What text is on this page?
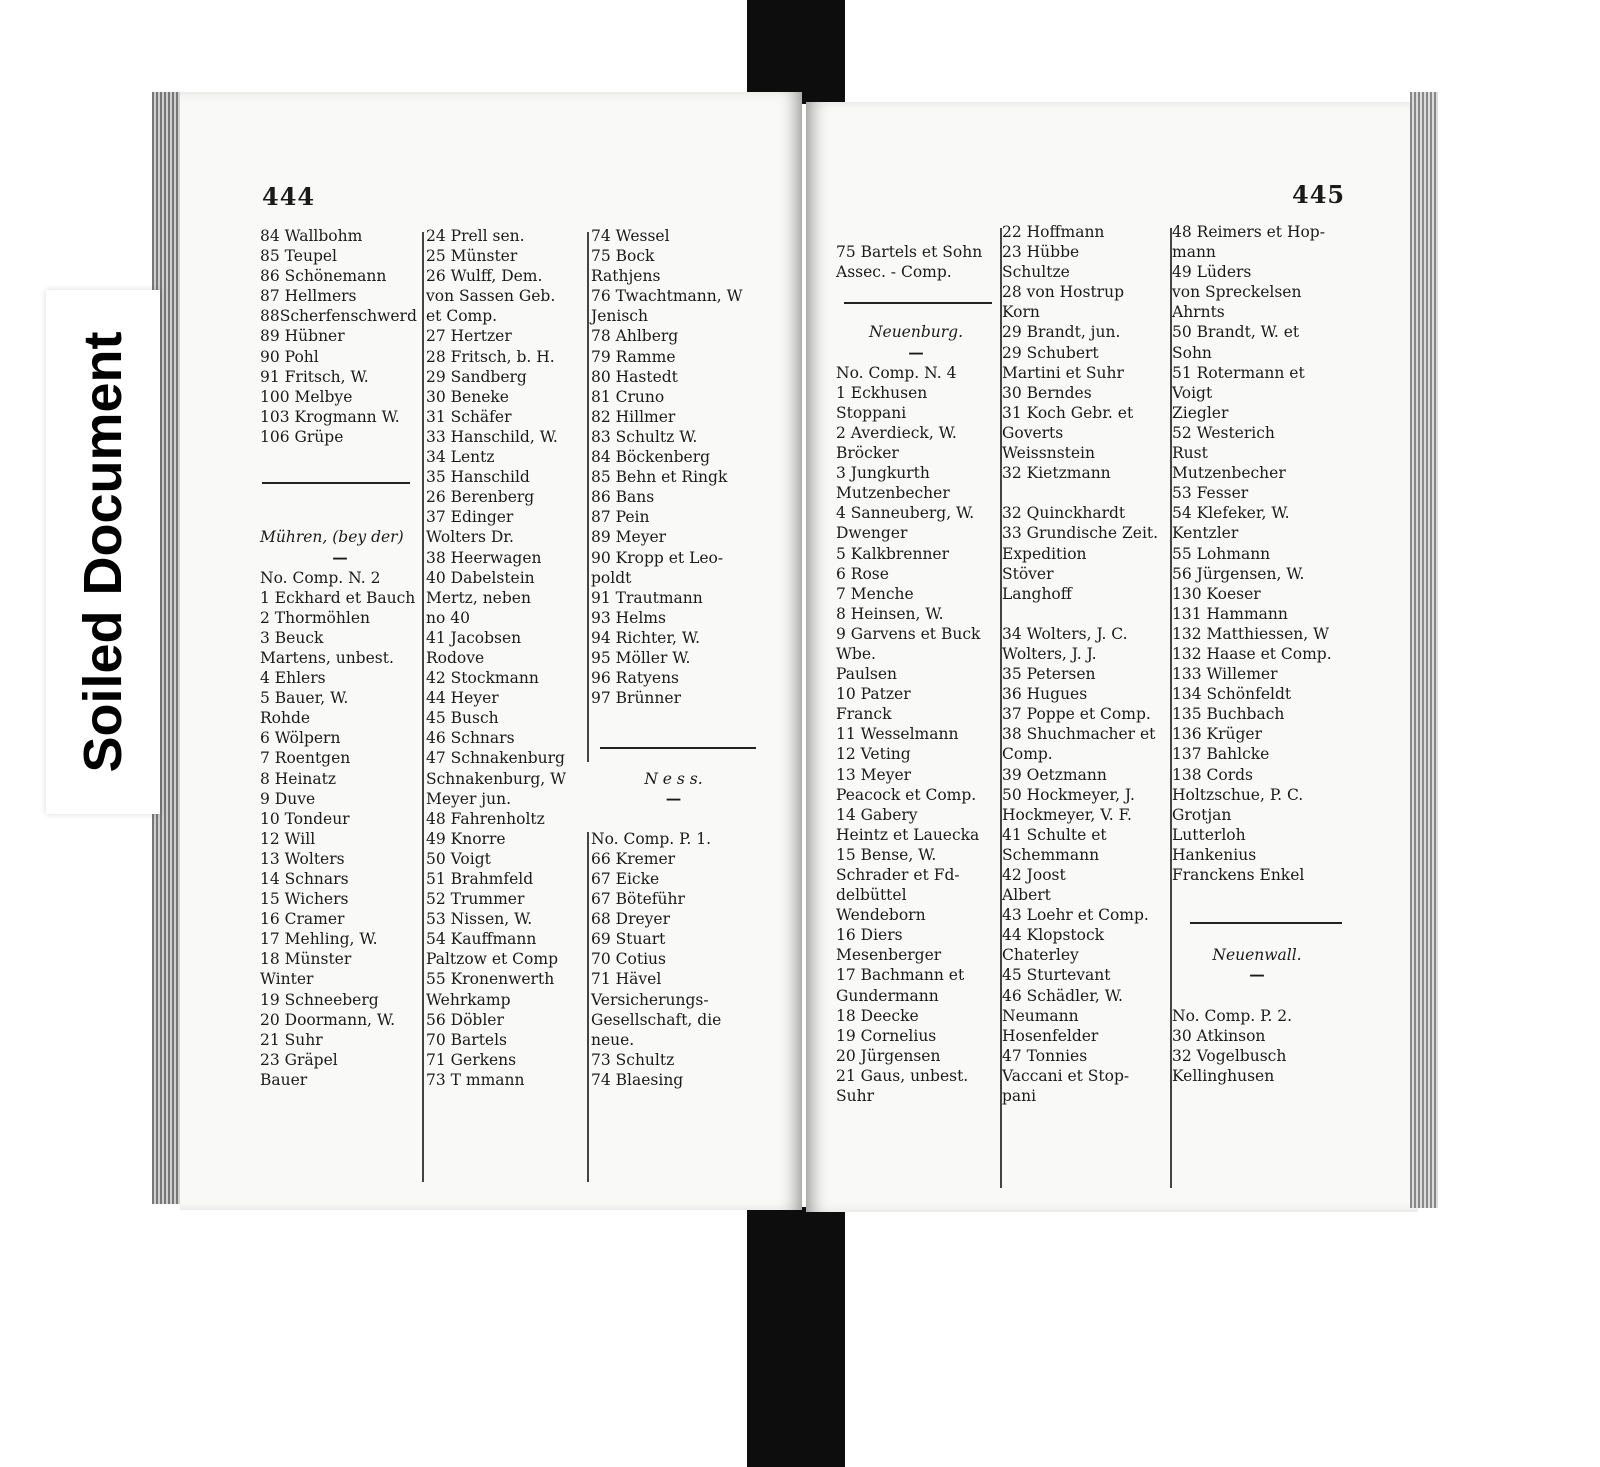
444
84 Wallbohm
85 Teupel
86 Schönemann
87 Hellmers
88Scherfenschwerd
89 Hübner
90 Pohl
91 Fritsch, W.
100 Melbye
103 Krogmann W.
106 Grüpe
Mühren, (bey der)
—
No. Comp. N. 2
1 Eckhard et Bauch
2 Thormöhlen
3 Beuck
Martens, unbest.
4 Ehlers
5 Bauer, W.
Rohde
6 Wölpern
7 Roentgen
8 Heinatz
9 Duve
10 Tondeur
12 Will
13 Wolters
14 Schnars
15 Wichers
16 Cramer
17 Mehling, W.
18 Münster
Winter
19 Schneeberg
20 Doormann, W.
21 Suhr
23 Gräpel
Bauer
24 Prell sen.
25 Münster
26 Wulff, Dem.
von Sassen Geb.
et Comp.
27 Hertzer
28 Fritsch, b. H.
29 Sandberg
30 Beneke
31 Schäfer
33 Hanschild, W.
34 Lentz
35 Hanschild
26 Berenberg
37 Edinger
Wolters Dr.
38 Heerwagen
40 Dabelstein
Mertz, neben
no 40
41 Jacobsen
Rodove
42 Stockmann
44 Heyer
45 Busch
46 Schnars
47 Schnakenburg
Schnakenburg, W
Meyer jun.
48 Fahrenholtz
49 Knorre
50 Voigt
51 Brahmfeld
52 Trummer
53 Nissen, W.
54 Kauffmann
Paltzow et Comp
55 Kronenwerth
Wehrkamp
56 Döbler
70 Bartels
71 Gerkens
73 T mmann
74 Wessel
75 Bock
Rathjens
76 Twachtmann, W
Jenisch
78 Ahlberg
79 Ramme
80 Hastedt
81 Cruno
82 Hillmer
83 Schultz W.
84 Böckenberg
85 Behn et Ringk
86 Bans
87 Pein
89 Meyer
90 Kropp et Leo-
poldt
91 Trautmann
93 Helms
94 Richter, W.
95 Möller W.
96 Ratyens
97 Brünner
N e s s.
—
No. Comp. P. 1.
66 Kremer
67 Eicke
67 Böteführ
68 Dreyer
69 Stuart
70 Cotius
71 Hävel
Versicherungs-
Gesellschaft, die
neue.
73 Schultz
74 Blaesing
445
75 Bartels et Sohn
Assec. - Comp.
Neuenburg.
—
No. Comp. N. 4
1 Eckhusen
Stoppani
2 Averdieck, W.
Bröcker
3 Jungkurth
Mutzenbecher
4 Sanneuberg, W.
Dwenger
5 Kalkbrenner
6 Rose
7 Menche
8 Heinsen, W.
9 Garvens et Buck
Wbe.
Paulsen
10 Patzer
Franck
11 Wesselmann
12 Veting
13 Meyer
Peacock et Comp.
14 Gabery
Heintz et Lauecka
15 Bense, W.
Schrader et Fd-
delbüttel
Wendeborn
16 Diers
Mesenberger
17 Bachmann et
Gundermann
18 Deecke
19 Cornelius
20 Jürgensen
21 Gaus, unbest.
Suhr
22 Hoffmann
23 Hübbe
Schultze
28 von Hostrup
Korn
29 Brandt, jun.
29 Schubert
Martini et Suhr
30 Berndes
31 Koch Gebr. et
Goverts
Weissnstein
32 Kietzmann
32 Quinckhardt
33 Grundische Zeit.
Expedition
Stöver
Langhoff
34 Wolters, J. C.
Wolters, J. J.
35 Petersen
36 Hugues
37 Poppe et Comp.
38 Shuchmacher et
Comp.
39 Oetzmann
50 Hockmeyer, J.
Hockmeyer, V. F.
41 Schulte et
Schemmann
42 Joost
Albert
43 Loehr et Comp.
44 Klopstock
Chaterley
45 Sturtevant
46 Schädler, W.
Neumann
Hosenfelder
47 Tonnies
Vaccani et Stop-
pani
48 Reimers et Hop-
mann
49 Lüders
von Spreckelsen
Ahrnts
50 Brandt, W. et
Sohn
51 Rotermann et
Voigt
Ziegler
52 Westerich
Rust
Mutzenbecher
53 Fesser
54 Klefeker, W.
Kentzler
55 Lohmann
56 Jürgensen, W.
130 Koeser
131 Hammann
132 Matthiessen, W
132 Haase et Comp.
133 Willemer
134 Schönfeldt
135 Buchbach
136 Krüger
137 Bahlcke
138 Cords
Holtzschue, P. C.
Grotjan
Lutterloh
Hankenius
Franckens Enkel
Neuenwall.
—
No. Comp. P. 2.
30 Atkinson
32 Vogelbusch
Kellinghusen
Soiled Document
